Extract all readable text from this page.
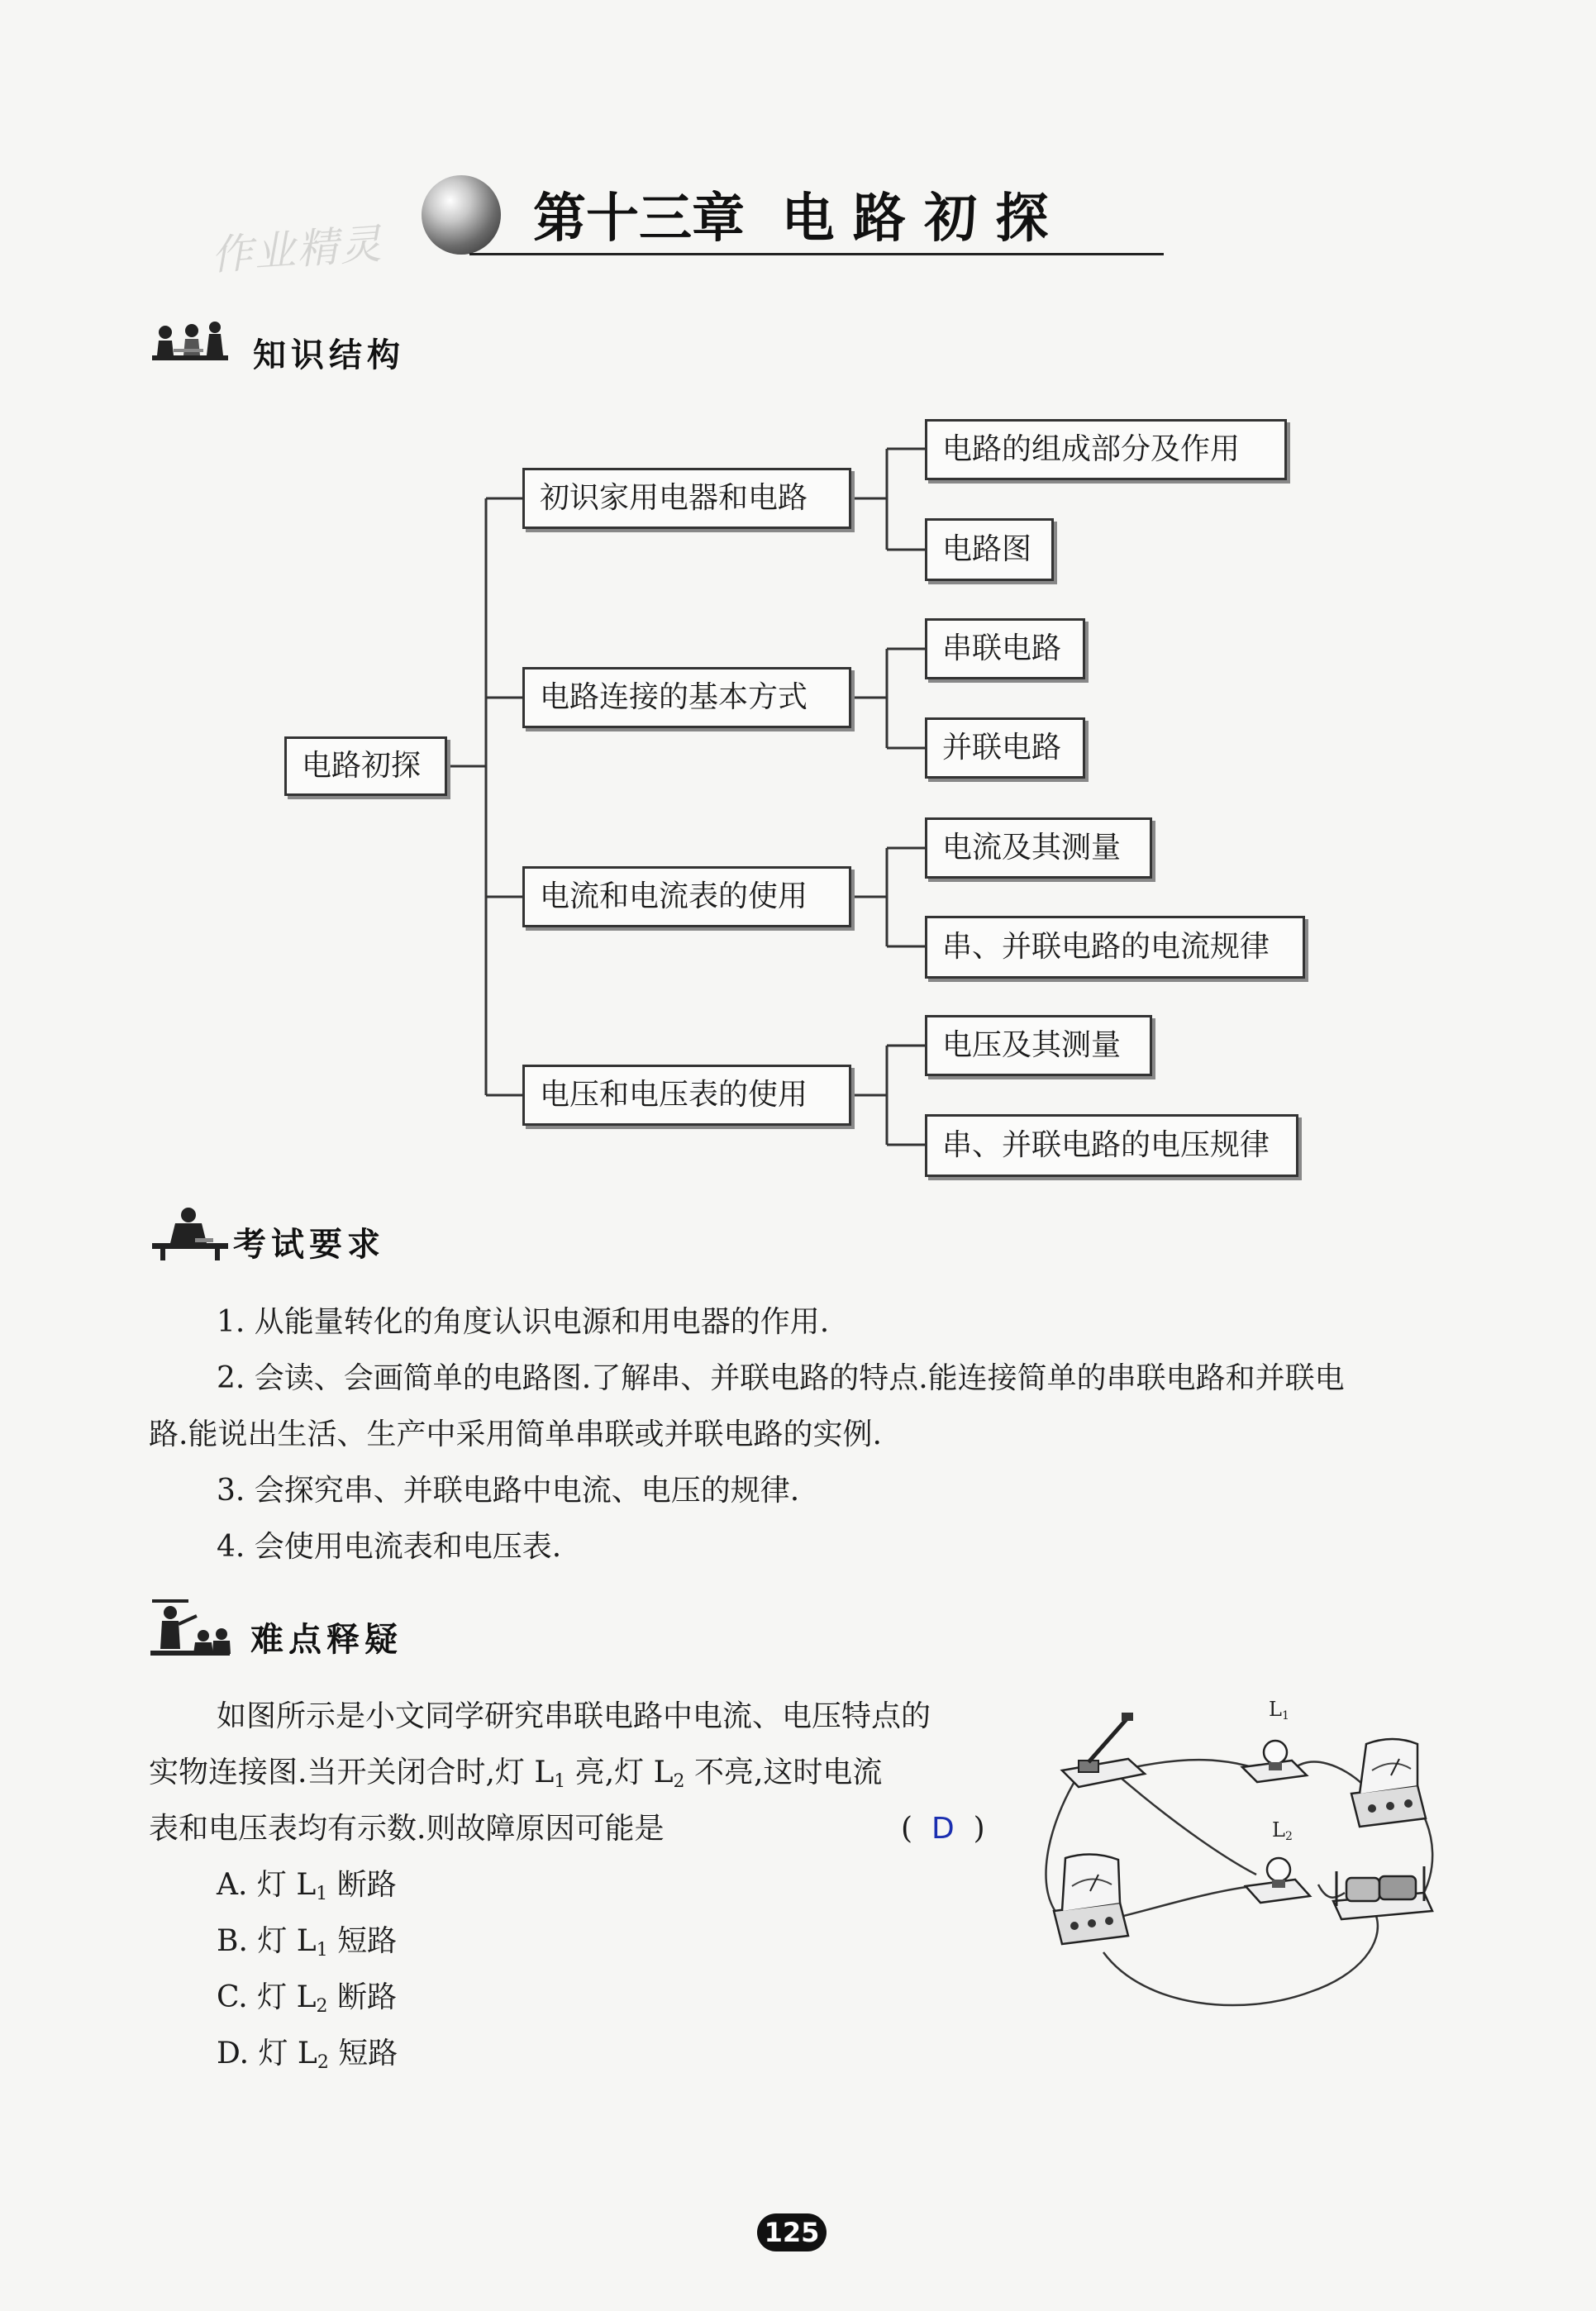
作业精灵	第十三章  电 路 初 探
知识结构
电路初探
初识家用电器和电路
电路连接的基本方式
电流和电流表的使用
电压和电压表的使用
电路的组成部分及作用
电路图
串联电路
并联电路
电流及其测量
串、并联电路的电流规律
电压及其测量
串、并联电路的电压规律
考试要求
1. 从能量转化的角度认识电源和用电器的作用.
2. 会读、会画简单的电路图.了解串、并联电路的特点.能连接简单的串联电路和并联电
路.能说出生活、生产中采用简单串联或并联电路的实例.
3. 会探究串、并联电路中电流、电压的规律.
4. 会使用电流表和电压表.
难点释疑
如图所示是小文同学研究串联电路中电流、电压特点的
实物连接图.当开关闭合时,灯 $L_1$ 亮,灯 $L_2$ 不亮,这时电流
表和电压表均有示数.则故障原因可能是	( D )
A. 灯 $L_1$ 断路
B. 灯 $L_1$ 短路
C. 灯 $L_2$ 断路
D. 灯 $L_2$ 短路
L1
L2
125
